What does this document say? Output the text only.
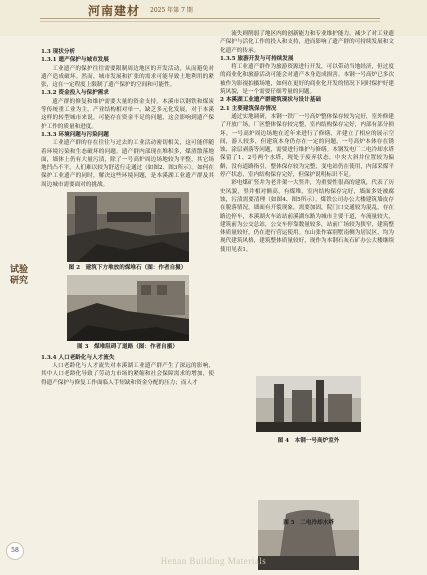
河南建材 2025 年第 7 期
试验研究
1.3 现状分析
1.3.1 遗产保护与城市发展
工业遗产的保护往往需要限制周边地区的开发活动，从而避免对遗产造成破坏。然而，城市发展和扩张的需求可能导致土地利用的紧张，这在一定程度上限制了遗产保护的空间和可能性。
1.3.2 资金投入与保护需求
遗产群的修复和维护需要大量的资金支持。本溪市以钢铁和煤炭等传统重工业为主，产业结构相对单一，缺乏多元化发展。对于本溪这样的转型城市来说，可能存在资金不足的问题，这会影响到遗产保护工作的质量和进度。
1.3.3 环境问题与污染问题
工业遗产群的存在往往与过去的工业活动密切相关，这可能伴随着环境污染和生态破坏的问题。遗产群内部现在堆积多，煤渣散落地面，墙体上仍有大量污渍，除了一号高炉周边场地较为平整，其它场地凹凸不平，人们难以较为舒适行走通过（如图2、图3所示）。如何在保护工业遗产的同时，解决这些环境问题，是本溪湖工业遗产群及其周边城市需要面对的挑战。
图 2　建筑下方堆放的煤堆石（图：作者自摄）
图 3　煤堆阻碍了道路（图：作者自摄）
1.3.4 人口老龄化与人才流失
人口老龄化与人才流失对本溪湖工业遗产群产生了深远的影响，其中人口老龄化导致了劳动力市场的紧缩和社会保障需求的增加，使得遗产保护与修复工作面临人手短缺和资金分配的压力；而人才
流失则削弱了地区内的创新能力和专业维护能力，减少了对工业遗产保护与活化工作的投入和支持，进而影响了遗产群的可持续发展和文化遗产的传承。
1.3.5 旅游开发与可持续发展
将工业遗产群作为旅游资源进行开发，可以带动当地经济，但过度的商业化和旅游活动可能会对遗产本身造成损害。本钢一号高炉已多次被作为影视拍摄场地，如何在更好的商业化开发的情况下同时保护好建筑风貌，是一个需要仔细考量的问题。
2 本溪湖工业遗产群建筑现状与设计基础
2.1 主要建筑保存情况
通过实地调研，本钢一铁厂一号高炉整体保存较为完好，室外修建了开放广场，厂区整体保存较完整，室内结构保存完好，内部有部分损坏。一号高炉周边场地在近年来进行了修缮，并建立了相应的展示空间，游人较多，但建筑本身仍存在一定的问题，一号高炉本体存在锈蚀、涂层剥落等问题，需要进行维护与修缮。本钢发电厂二电冷却水塔保留了1、2号两个水塔，现处于废弃状态。中央大斜井位置较为偏僻，没有道路指引，整体保存较为完整，变电站仍在使用，内部采煤平停产状态，室内结构保存完好，但保护说明标识不足。
彩电煤矿竖井为老井架一大竖井，为重要性很高的建筑，代表了历史风貌，竖井相对额高，有煤堆，室内结构保存完好，墙面多处被腐蚀，污渍需要清理（如图4、图5所示）。煤铁公司办公大楼建筑墙皮存在脱落情况，墙面有开裂现象，需要加固，院门口交通较为混乱，存在路边停车，本溪湖火车站站前溪湖东路为城市主要干道，车流量较大，建筑前为公交总站，公交车停靠数量较多，站前广场较为狭窄，建筑整体质量较好，仍在进行营运使用。东山张作霖别墅南侧为居民区，均为现代建筑风格，建筑整体质量较好，现作为本钢石灰石矿办公大楼继续使用见表1。
图 4　本钢一号高炉室外
图 5　二电冷却水塔
58
Henan Building Materials
